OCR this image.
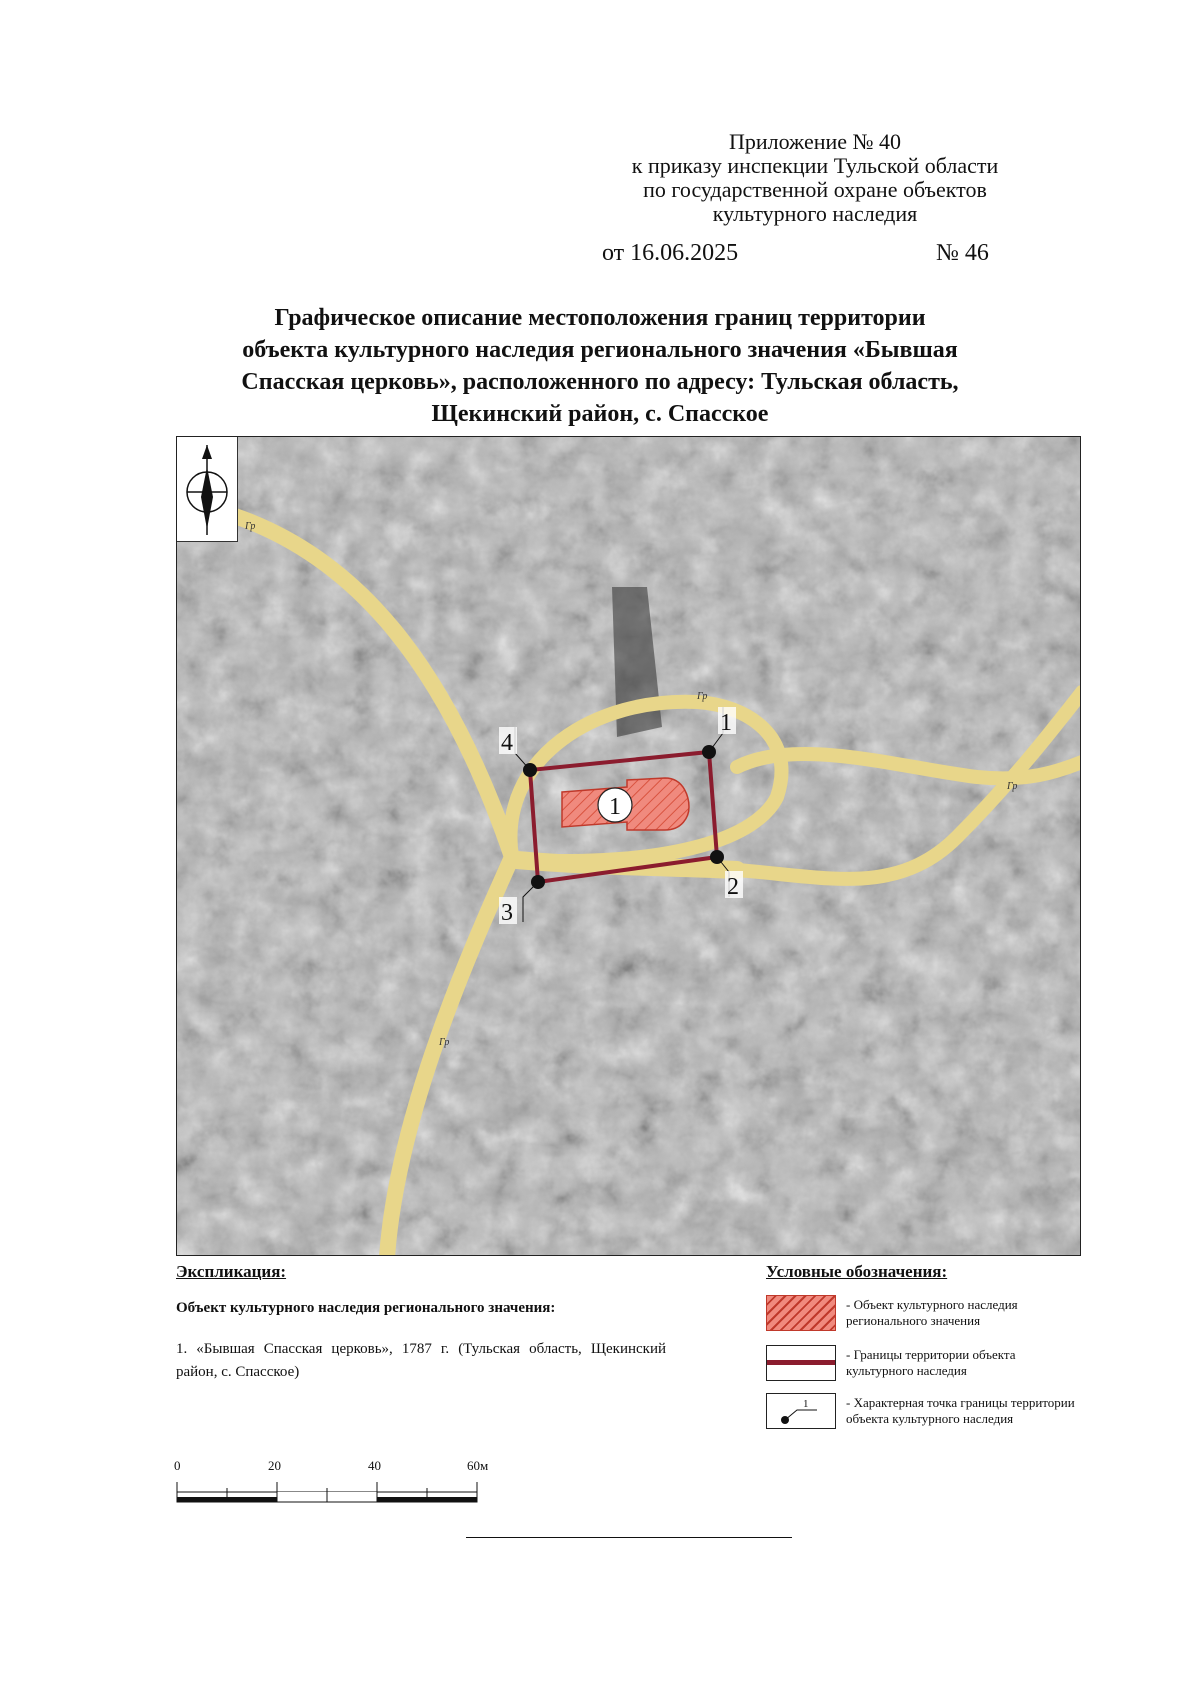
Приложение № 40
к приказу инспекции Тульской области
по государственной охране объектов
культурного наследия
от 16.06.2025	№ 46
Графическое описание местоположения границ территории
объекта культурного наследия регионального значения «Бывшая
Спасская церковь», расположенного по адресу: Тульская область,
Щекинский район, с. Спасское
Гр
Гр
Гр
Гр
1
1
2
3
4
Экспликация:
Объект культурного наследия регионального значения:
1. «Бывшая Спасская церковь», 1787 г. (Тульская область, Щекинский район, с. Спасское)
Условные обозначения:
- Объект культурного наследия регионального значения
- Границы территории объекта культурного наследия
1	- Характерная точка границы территории объекта культурного наследия
0	20	40	60м
